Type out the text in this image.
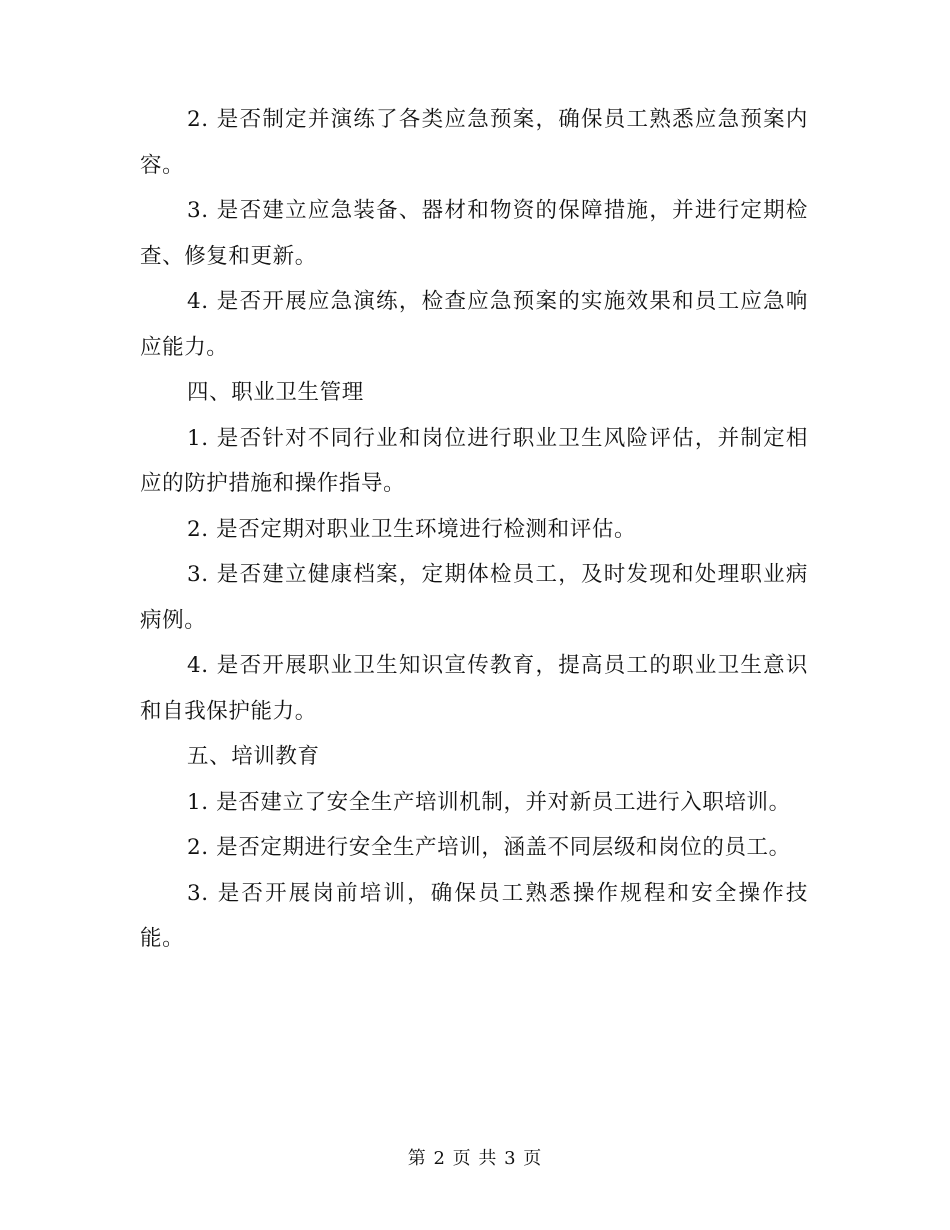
2. 是否制定并演练了各类应急预案，确保员工熟悉应急预案内容。

3. 是否建立应急装备、器材和物资的保障措施，并进行定期检查、修复和更新。

4. 是否开展应急演练，检查应急预案的实施效果和员工应急响应能力。

四、职业卫生管理

1. 是否针对不同行业和岗位进行职业卫生风险评估，并制定相应的防护措施和操作指导。

2. 是否定期对职业卫生环境进行检测和评估。

3. 是否建立健康档案，定期体检员工，及时发现和处理职业病病例。

4. 是否开展职业卫生知识宣传教育，提高员工的职业卫生意识和自我保护能力。

五、培训教育

1. 是否建立了安全生产培训机制，并对新员工进行入职培训。

2. 是否定期进行安全生产培训，涵盖不同层级和岗位的员工。

3. 是否开展岗前培训，确保员工熟悉操作规程和安全操作技能。

第 2 页 共 3 页
